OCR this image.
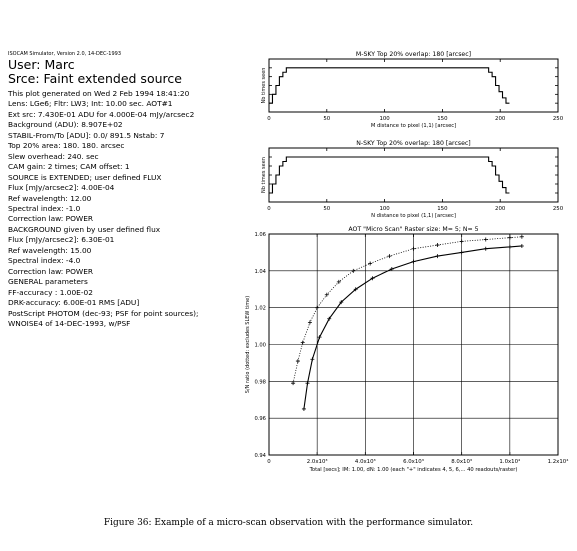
ISOCAM Simulator, Version 2.0, 14-DEC-1993
User: Marc
Srce: Faint extended source
This plot generated on Wed 2 Feb 1994 18:41:20
Lens: LGe6; Fltr: LW3; Int: 10.00 sec. AOT#1
Ext src: 7.430E-01 ADU for 4.000E-04 mJy/arcsec2
Background (ADU): 8.907E+02
STABIL-From/To [ADU]: 0.0/ 891.5 Nstab: 7
Top 20% area: 180. 180. arcsec
Slew overhead: 240. sec
CAM gain: 2 times; CAM offset: 1
SOURCE is EXTENDED; user defined FLUX
Flux [mJy/arcsec2]: 4.00E-04
Ref wavelength: 12.00
Spectral index: -1.0
Correction law: POWER
BACKGROUND given by user defined flux
Flux [mJy/arcsec2]: 6.30E-01
Ref wavelength: 15.00
Spectral index: -4.0
Correction law: POWER
GENERAL parameters
FF-accuracy : 1.00E-02
DRK-accuracy: 6.00E-01 RMS [ADU]
PostScript PHOTOM (dec-93; PSF for point sources);
WNOISE4 of 14-DEC-1993, w/PSF
M-SKY Top 20% overlap: 180 [arcsec]
0	50	100	150	200	250
M distance to pixel (1,1) [arcsec]
Nb times seen
N-SKY Top 20% overlap: 180 [arcsec]
0	50	100	150	200	250
N distance to pixel (1,1) [arcsec]
Nb times seen
AOT "Micro Scan" Raster size: M= 5; N= 5
0	2.0x10³	4.0x10³	6.0x10³	8.0x10³	1.0x10⁴	1.2x10⁴
0.94
0.96
0.98
1.00
1.02
1.04
1.06
Total [secs]; IM: 1.00, dN: 1.00 (each "+" indicates 4, 5, 6,... 40 readouts/raster)
S/N ratio (dotted: excludes SLEW time)
Figure 36: Example of a micro-scan observation with the performance simulator.
